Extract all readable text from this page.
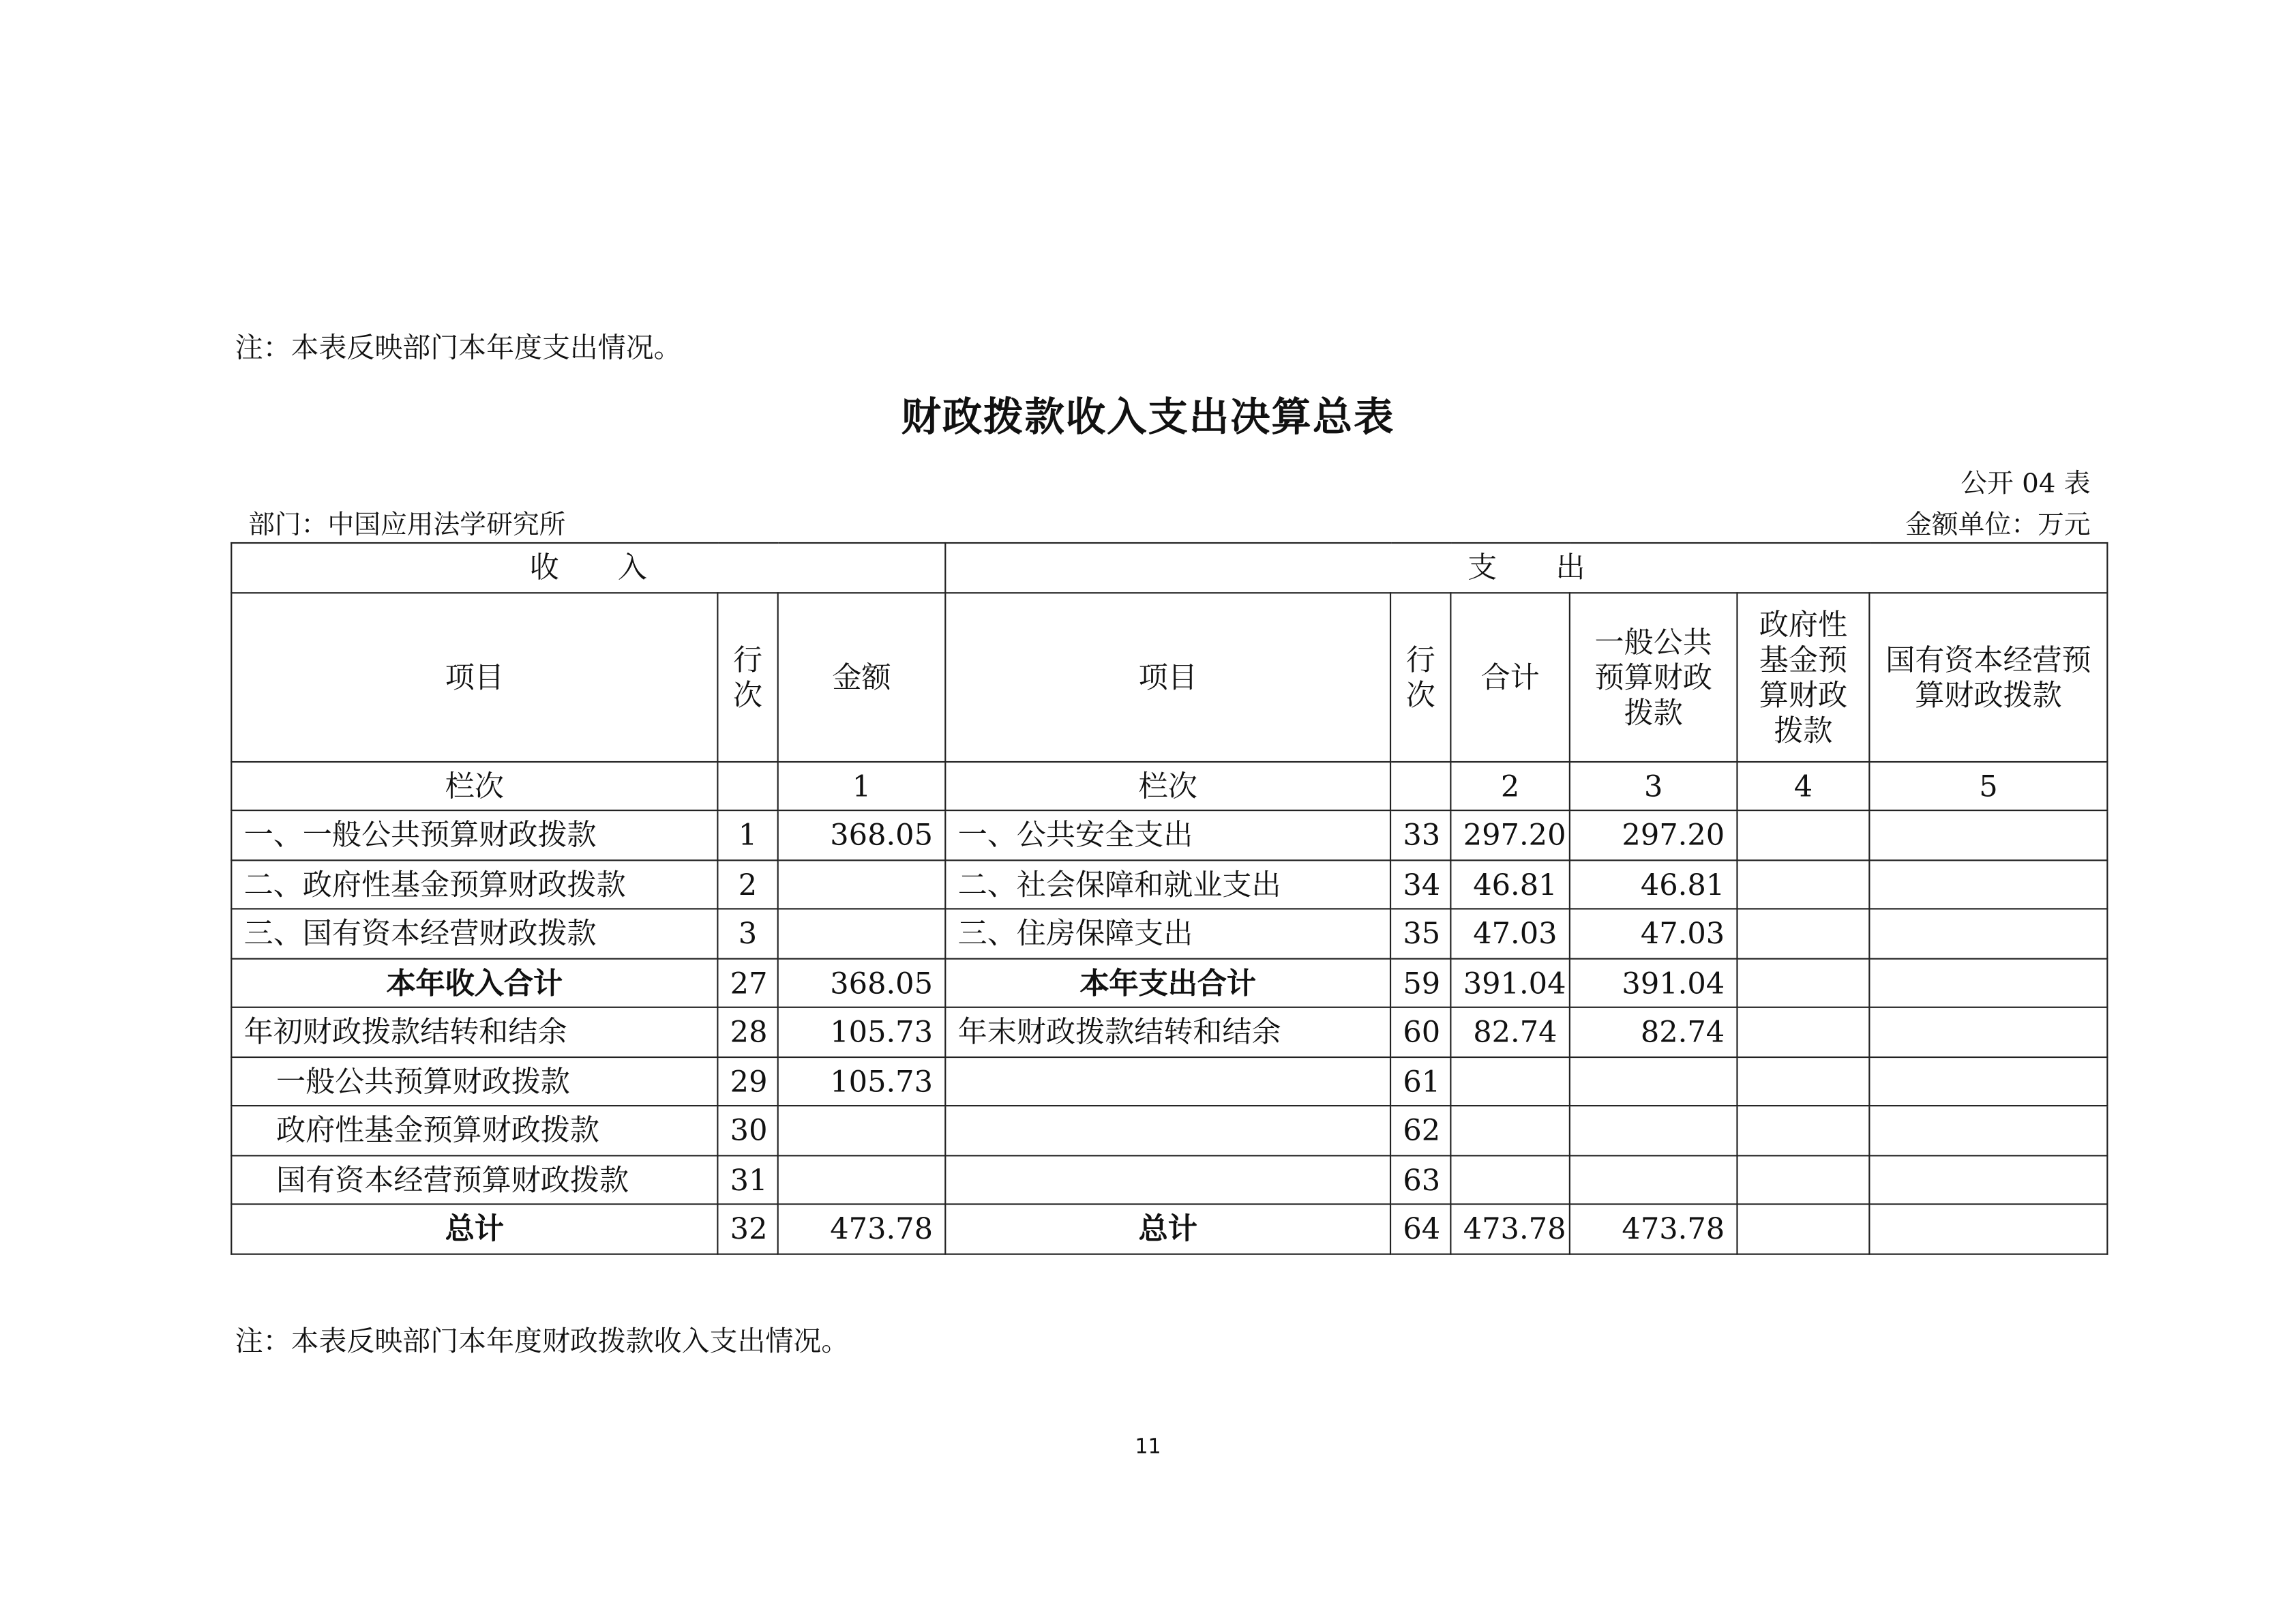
注：本表反映部门本年度支出情况。
财政拨款收入支出决算总表
公开 04 表
部门：中国应用法学研究所	金额单位：万元
收　　入			支　　出					
项目	行次	金额	项目	行次	合计	一般公共预算财政拨款	政府性基金预算财政拨款	国有资本经营预算财政拨款
栏次		1	栏次		2	3	4	5
一、一般公共预算财政拨款	1	368.05	一、公共安全支出	33	297.20	297.20		
二、政府性基金预算财政拨款	2		二、社会保障和就业支出	34	46.81	46.81		
三、国有资本经营财政拨款	3		三、住房保障支出	35	47.03	47.03		
本年收入合计	27	368.05	本年支出合计	59	391.04	391.04		
年初财政拨款结转和结余	28	105.73	年末财政拨款结转和结余	60	82.74	82.74		
一般公共预算财政拨款	29	105.73		61				
政府性基金预算财政拨款	30			62				
国有资本经营预算财政拨款	31			63				
总计	32	473.78	总计	64	473.78	473.78		
注：本表反映部门本年度财政拨款收入支出情况。
11
